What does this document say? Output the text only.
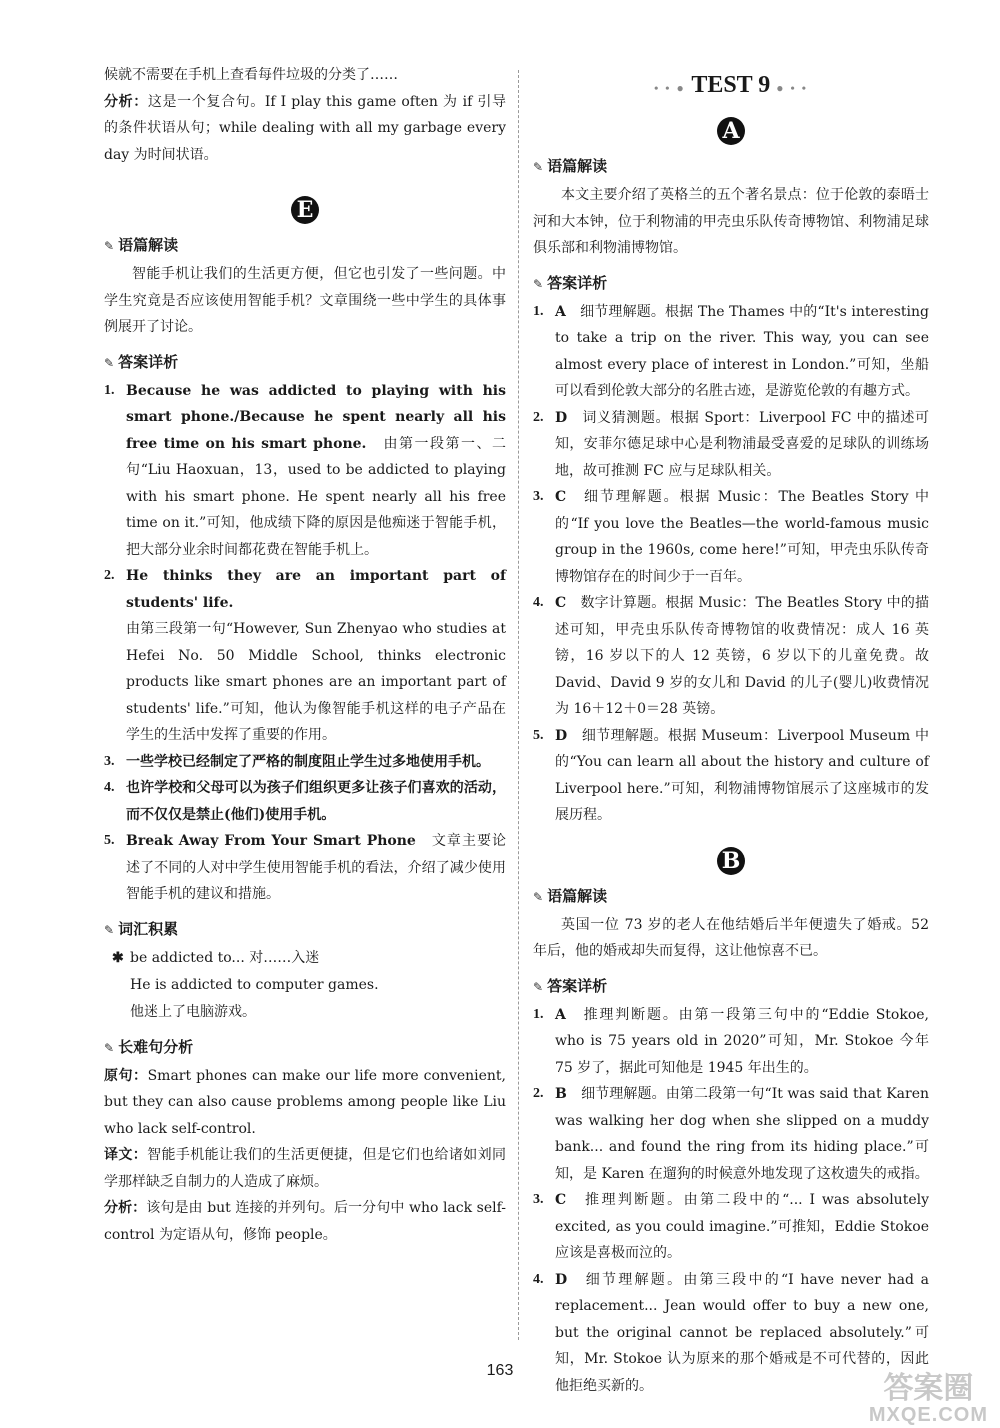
候就不需要在手机上查看每件垃圾的分类了……

分析：这是一个复合句。If I play this game often 为 if 引导的条件状语从句；while dealing with all my garbage every day 为时间状语。

E
✎ 语篇解读

智能手机让我们的生活更方便，但它也引发了一些问题。中学生究竟是否应该使用智能手机？文章围绕一些中学生的具体事例展开了讨论。

✎ 答案详析
1. Because he was addicted to playing with his smart phone./Because he spent nearly all his free time on his smart phone.　 由第一段第一、二句“Liu Haoxuan，13，used to be addicted to playing with his smart phone. He spent nearly all his free time on it.”可知，他成绩下降的原因是他痴迷于智能手机，把大部分业余时间都花费在智能手机上。
2. He thinks they are an important part of students' life.
由第三段第一句“However, Sun Zhenyao who studies at Hefei No. 50 Middle School, thinks electronic products like smart phones are an important part of students' life.”可知，他认为像智能手机这样的电子产品在学生的生活中发挥了重要的作用。
3. 一些学校已经制定了严格的制度阻止学生过多地使用手机。
4. 也许学校和父母可以为孩子们组织更多让孩子们喜欢的活动，而不仅仅是禁止(他们)使用手机。
5. Break Away From Your Smart Phone　 文章主要论述了不同的人对中学生使用智能手机的看法，介绍了减少使用智能手机的建议和措施。
✎ 词汇积累
✱ be addicted to... 对……入迷
He is addicted to computer games.
他迷上了电脑游戏。
✎ 长难句分析

原句：Smart phones can make our life more convenient, but they can also cause problems among people like Liu who lack self-control.

译文：智能手机能让我们的生活更便捷，但是它们也给诸如刘同学那样缺乏自制力的人造成了麻烦。

分析：该句是由 but 连接的并列句。后一分句中 who lack self-control 为定语从句，修饰 people。

• • ● TEST 9 ● • •
A
✎ 语篇解读

本文主要介绍了英格兰的五个著名景点：位于伦敦的泰晤士河和大本钟，位于利物浦的甲壳虫乐队传奇博物馆、利物浦足球俱乐部和利物浦博物馆。

✎ 答案详析
1. A　 细节理解题。根据 The Thames 中的“It's interesting to take a trip on the river. This way, you can see almost every place of interest in London.”可知，坐船可以看到伦敦大部分的名胜古迹，是游览伦敦的有趣方式。
2. D　 词义猜测题。根据 Sport：Liverpool FC 中的描述可知，安菲尔德足球中心是利物浦最受喜爱的足球队的训练场地，故可推测 FC 应与足球队相关。
3. C　 细节理解题。根据 Music：The Beatles Story 中的“If you love the Beatles—the world-famous music group in the 1960s, come here!”可知，甲壳虫乐队传奇博物馆存在的时间少于一百年。
4. C　 数字计算题。根据 Music：The Beatles Story 中的描述可知，甲壳虫乐队传奇博物馆的收费情况：成人 16 英镑，16 岁以下的人 12 英镑，6 岁以下的儿童免费。故 David、David 9 岁的女儿和 David 的儿子(婴儿)收费情况为 16＋12＋0＝28 英镑。
5. D　 细节理解题。根据 Museum：Liverpool Museum 中的“You can learn all about the history and culture of Liverpool here.”可知，利物浦博物馆展示了这座城市的发展历程。
B
✎ 语篇解读

英国一位 73 岁的老人在他结婚后半年便遗失了婚戒。52 年后，他的婚戒却失而复得，这让他惊喜不已。

✎ 答案详析
1. A　 推理判断题。由第一段第三句中的“Eddie Stokoe, who is 75 years old in 2020”可知，Mr. Stokoe 今年 75 岁了，据此可知他是 1945 年出生的。
2. B　 细节理解题。由第二段第一句“It was said that Karen was walking her dog when she slipped on a muddy bank... and found the ring from its hiding place.”可知，是 Karen 在遛狗的时候意外地发现了这枚遗失的戒指。
3. C　 推理判断题。由第二段中的“... I was absolutely excited, as you could imagine.”可推知，Eddie Stokoe 应该是喜极而泣的。
4. D　 细节理解题。由第三段中的“I have never had a replacement... Jean would offer to buy a new one, but the original cannot be replaced absolutely.”可知，Mr. Stokoe 认为原来的那个婚戒是不可代替的，因此他拒绝买新的。
163
答案圈
MXQE.COM
